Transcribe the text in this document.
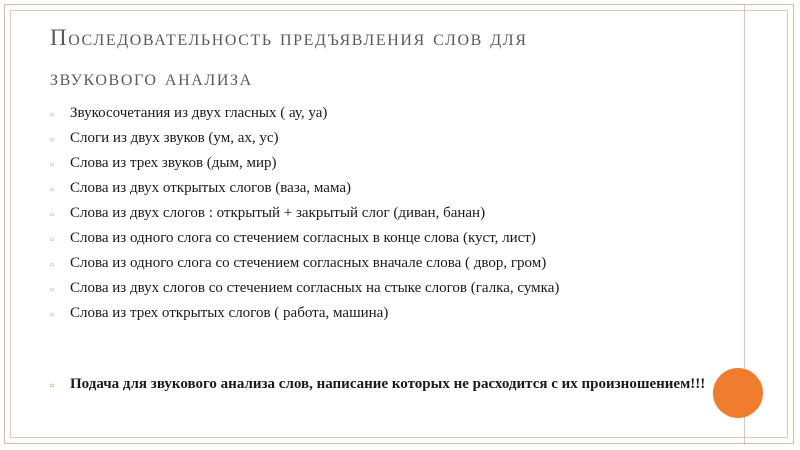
Последовательность предъявления слов для
звукового анализа
▫ Звукосочетания из двух гласных ( ау, уа)
▫ Слоги из двух звуков (ум, ах, ус)
▫ Слова из трех звуков (дым, мир)
▫ Слова из двух открытых слогов (ваза, мама)
▫ Слова из двух слогов : открытый + закрытый слог (диван, банан)
▫ Слова из одного слога со стечением согласных в конце слова (куст, лист)
▫ Слова из одного слога со стечением согласных вначале слова ( двор, гром)
▫ Слова из двух слогов со стечением согласных на стыке слогов (галка, сумка)
▫ Слова из трех открытых слогов ( работа, машина)
▫ Подача для звукового анализа слов, написание которых не расходится с их произношением!!!
